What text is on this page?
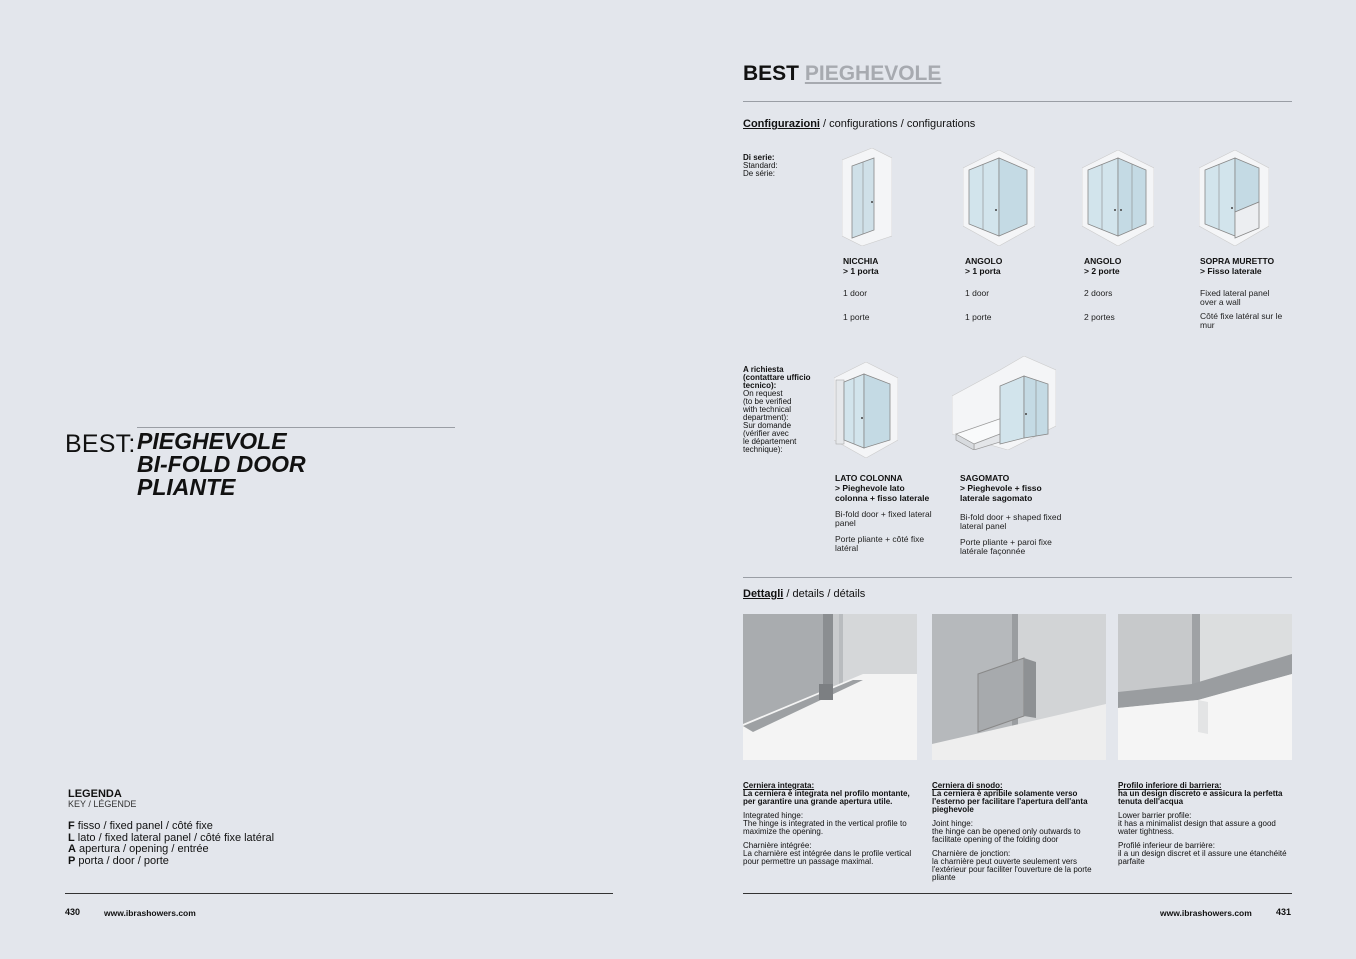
BEST: PIEGHEVOLE
BI-FOLD DOOR
PLIANTE
LEGENDA
KEY / LÉGENDE
F fisso / fixed panel / côté fixe
L lato / fixed lateral panel / côté fixe latéral
A apertura / opening / entrée
P porta / door / porte
430	www.ibrashowers.com
BEST PIEGHEVOLE
Configurazioni / configurations / configurations
Di serie:
Standard:
De série:
NICCHIA
> 1 porta
1 door
1 porte
ANGOLO
> 1 porta
1 door
1 porte
ANGOLO
> 2 porte
2 doors
2 portes
SOPRA MURETTO
> Fisso laterale
Fixed lateral panel over a wall
Côté fixe latéral sur le mur
A richiesta
(contattare ufficio
tecnico):
On request
(to be verified
with technical
department):
Sur domande
(vérifier avec
le département
technique):
LATO COLONNA
> Pieghevole lato colonna + fisso laterale
Bi-fold door + fixed lateral panel
Porte pliante + côté fixe latéral
SAGOMATO
> Pieghevole + fisso laterale sagomato
Bi-fold door + shaped fixed lateral panel
Porte pliante + paroi fixe latérale façonnée
Dettagli / details / détails
Cerniera integrata:
La cerniera è integrata nel profilo montante, per garantire una grande apertura utile.
Integrated hinge:
The hinge is integrated in the vertical profile to maximize the opening.
Charnière intégrée:
La charnière est intégrée dans le profile vertical pour permettre un passage maximal.
Cerniera di snodo:
La cerniera è apribile solamente verso l'esterno per facilitare l'apertura dell'anta pieghevole
Joint hinge:
the hinge can be opened only outwards to facilitate opening of the folding door
Charnière de jonction:
la charnière peut ouverte seulement vers l'extérieur pour faciliter l'ouverture de la porte pliante
Profilo inferiore di barriera:
ha un design discreto e assicura la perfetta tenuta dell'acqua
Lower barrier profile:
it has a minimalist design that assure a good water tightness.
Profilé inferieur de barrière:
il a un design discret et il assure une étanchéité parfaite
www.ibrashowers.com	431
